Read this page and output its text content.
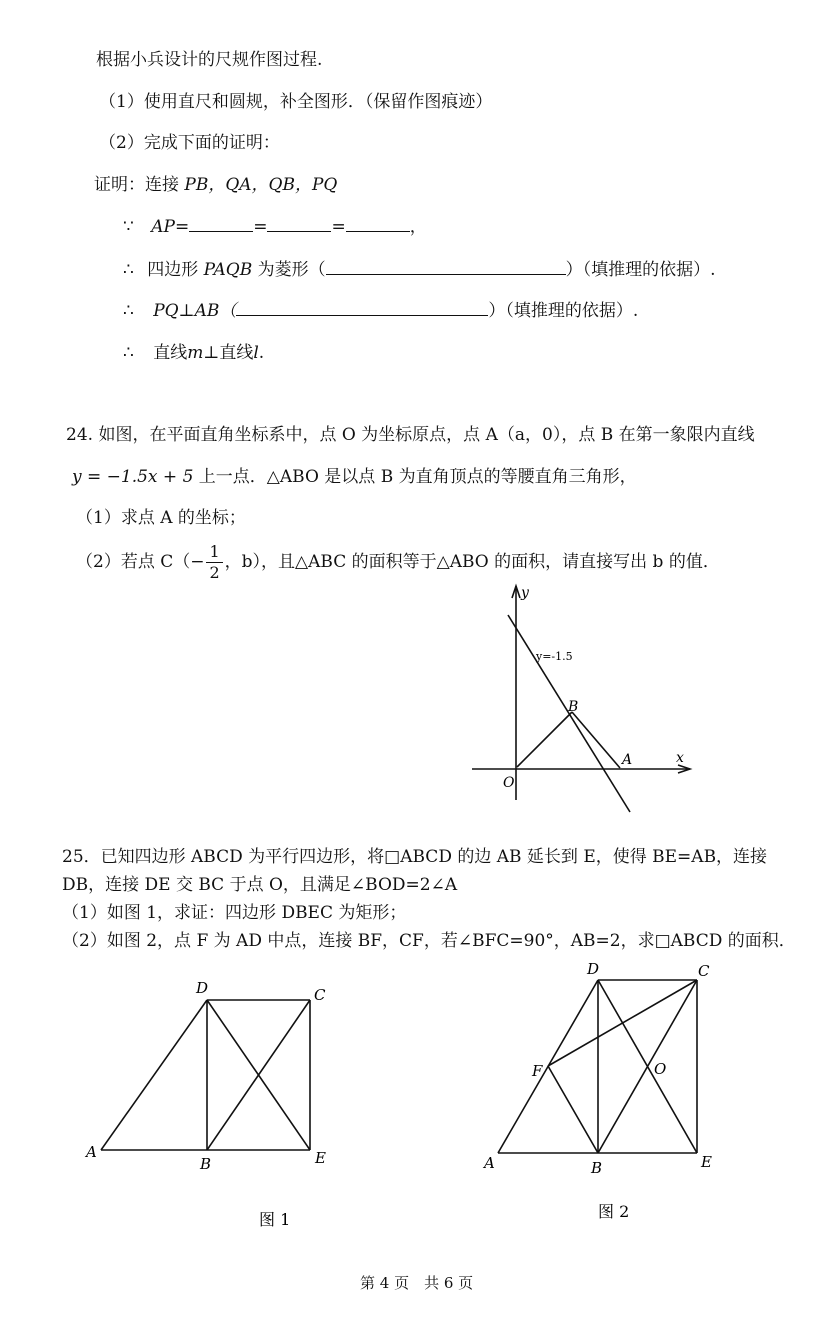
根据小兵设计的尺规作图过程.
（1）使用直尺和圆规，补全图形．（保留作图痕迹）
（2）完成下面的证明：
证明：连接 PB，QA，QB，PQ
∵ AP=	=	=	，
∴ 四边形 PAQB 为菱形（	）（填推理的依据）.
∴ PQ⊥AB（	）（填推理的依据）.
∴ 直线m⊥直线l.
24. 如图，在平面直角坐标系中，点 O 为坐标原点，点 A（a，0），点 B 在第一象限内直线
y = −1.5x + 5 上一点．△ABO 是以点 B 为直角顶点的等腰直角三角形，
（1）求点 A 的坐标；
（2）若点 $C(- \frac{1}{2}$ ，b），且△ABC 的面积等于△ABO 的面积，请直接写出 b 的值．
y
x
O
B
A
y=-1.5
25．已知四边形 ABCD 为平行四边形，将□ABCD 的边 AB 延长到 E，使得 BE=AB，连接
DB，连接 DE 交 BC 于点 O，且满足∠BOD=2∠A
（1）如图 1，求证：四边形 DBEC 为矩形；
（2）如图 2，点 F 为 AD 中点，连接 BF，CF，若∠BFC=90°，AB=2，求□ABCD 的面积．
A
B
C
D
E
图 1
A	B
C
D
E
F	O
图 2
第 4 页　共 6 页
